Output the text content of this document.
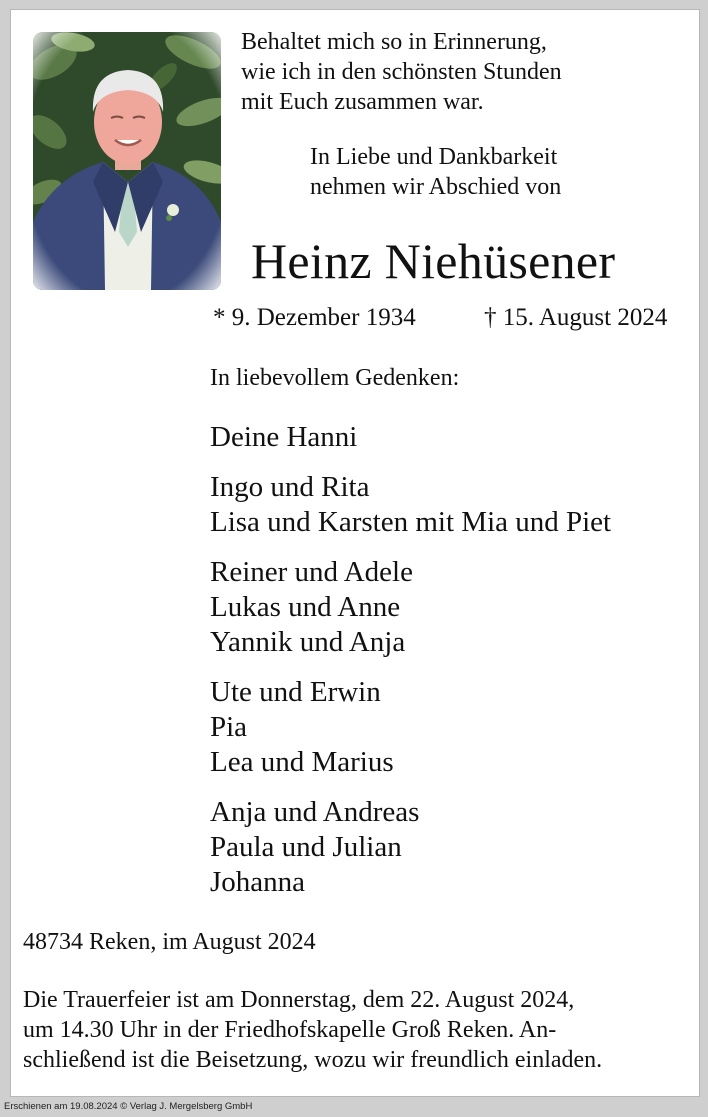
Behaltet mich so in Erinnerung,
wie ich in den schönsten Stunden
mit Euch zusammen war.
In Liebe und Dankbarkeit
nehmen wir Abschied von
Heinz Niehüsener
* 9. Dezember 1934	† 15. August 2024
In liebevollem Gedenken:
Deine Hanni
Ingo und Rita
Lisa und Karsten mit Mia und Piet
Reiner und Adele
Lukas und Anne
Yannik und Anja
Ute und Erwin
Pia
Lea und Marius
Anja und Andreas
Paula und Julian
Johanna
48734 Reken, im August 2024
Die Trauerfeier ist am Donnerstag, dem 22. August 2024,
um 14.30 Uhr in der Friedhofskapelle Groß Reken. An-
schließend ist die Beisetzung, wozu wir freundlich einladen.
Erschienen am 19.08.2024 © Verlag J. Mergelsberg GmbH
